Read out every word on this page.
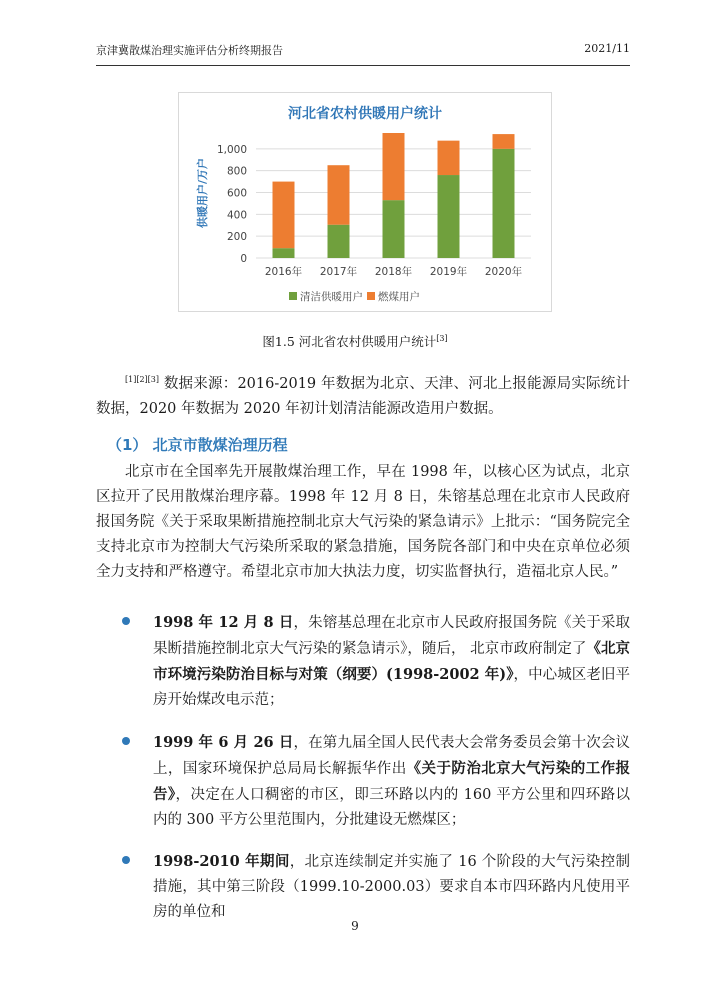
京津冀散煤治理实施评估分析终期报告	2021/11
河北省农村供暖用户统计
0
200
400
600
800
1,000
供暖用户/万户
2016年 2017年 2018年 2019年 2020年
清洁供暖用户 燃煤用户
图1.5 河北省农村供暖用户统计[3]

[1][2][3] 数据来源：2016-2019 年数据为北京、天津、河北上报能源局实际统计数据，2020 年数据为 2020 年初计划清洁能源改造用户数据。

（1） 北京市散煤治理历程

北京市在全国率先开展散煤治理工作，早在 1998 年，以核心区为试点，北京区拉开了民用散煤治理序幕。1998 年 12 月 8 日，朱镕基总理在北京市人民政府报国务院《关于采取果断措施控制北京大气污染的紧急请示》上批示：“国务院完全支持北京市为控制大气污染所采取的紧急措施，国务院各部门和中央在京单位必须全力支持和严格遵守。希望北京市加大执法力度，切实监督执行，造福北京人民。”

1998 年 12 月 8 日，朱镕基总理在北京市人民政府报国务院《关于采取果断措施控制北京大气污染的紧急请示》，随后， 北京市政府制定了《北京市环境污染防治目标与对策（纲要）(1998-2002 年)》，中心城区老旧平房开始煤改电示范；

1999 年 6 月 26 日，在第九届全国人民代表大会常务委员会第十次会议上，国家环境保护总局局长解振华作出《关于防治北京大气污染的工作报告》，决定在人口稠密的市区，即三环路以内的 160 平方公里和四环路以内的 300 平方公里范围内，分批建设无燃煤区；

1998-2010 年期间，北京连续制定并实施了 16 个阶段的大气污染控制措施，其中第三阶段（1999.10-2000.03）要求自本市四环路内凡使用平房的单位和

9
